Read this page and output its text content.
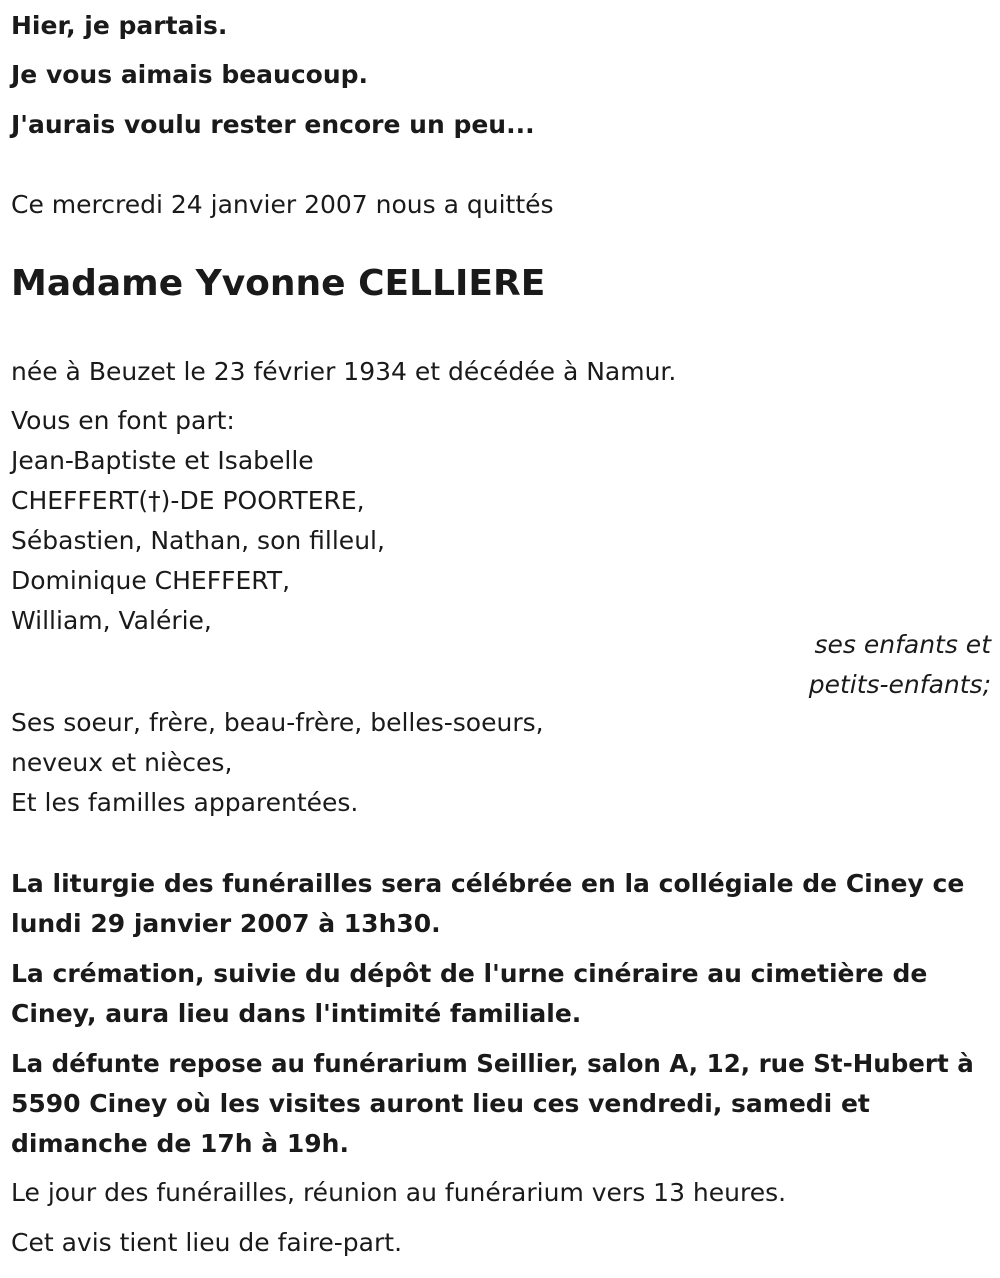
Hier, je partais.
Je vous aimais beaucoup.
J'aurais voulu rester encore un peu...
Ce mercredi 24 janvier 2007 nous a quittés
Madame Yvonne CELLIERE
née à Beuzet le 23 février 1934 et décédée à Namur.
Vous en font part:
Jean-Baptiste et Isabelle
CHEFFERT(†)-DE POORTERE,
Sébastien, Nathan, son filleul,
Dominique CHEFFERT,
William, Valérie,
ses enfants et
petits-enfants;
Ses soeur, frère, beau-frère, belles-soeurs,
neveux et nièces,
Et les familles apparentées.
La liturgie des funérailles sera célébrée en la collégiale de Ciney ce
lundi 29 janvier 2007 à 13h30.
La crémation, suivie du dépôt de l'urne cinéraire au cimetière de
Ciney, aura lieu dans l'intimité familiale.
La défunte repose au funérarium Seillier, salon A, 12, rue St-Hubert à
5590 Ciney où les visites auront lieu ces vendredi, samedi et
dimanche de 17h à 19h.
Le jour des funérailles, réunion au funérarium vers 13 heures.
Cet avis tient lieu de faire-part.
